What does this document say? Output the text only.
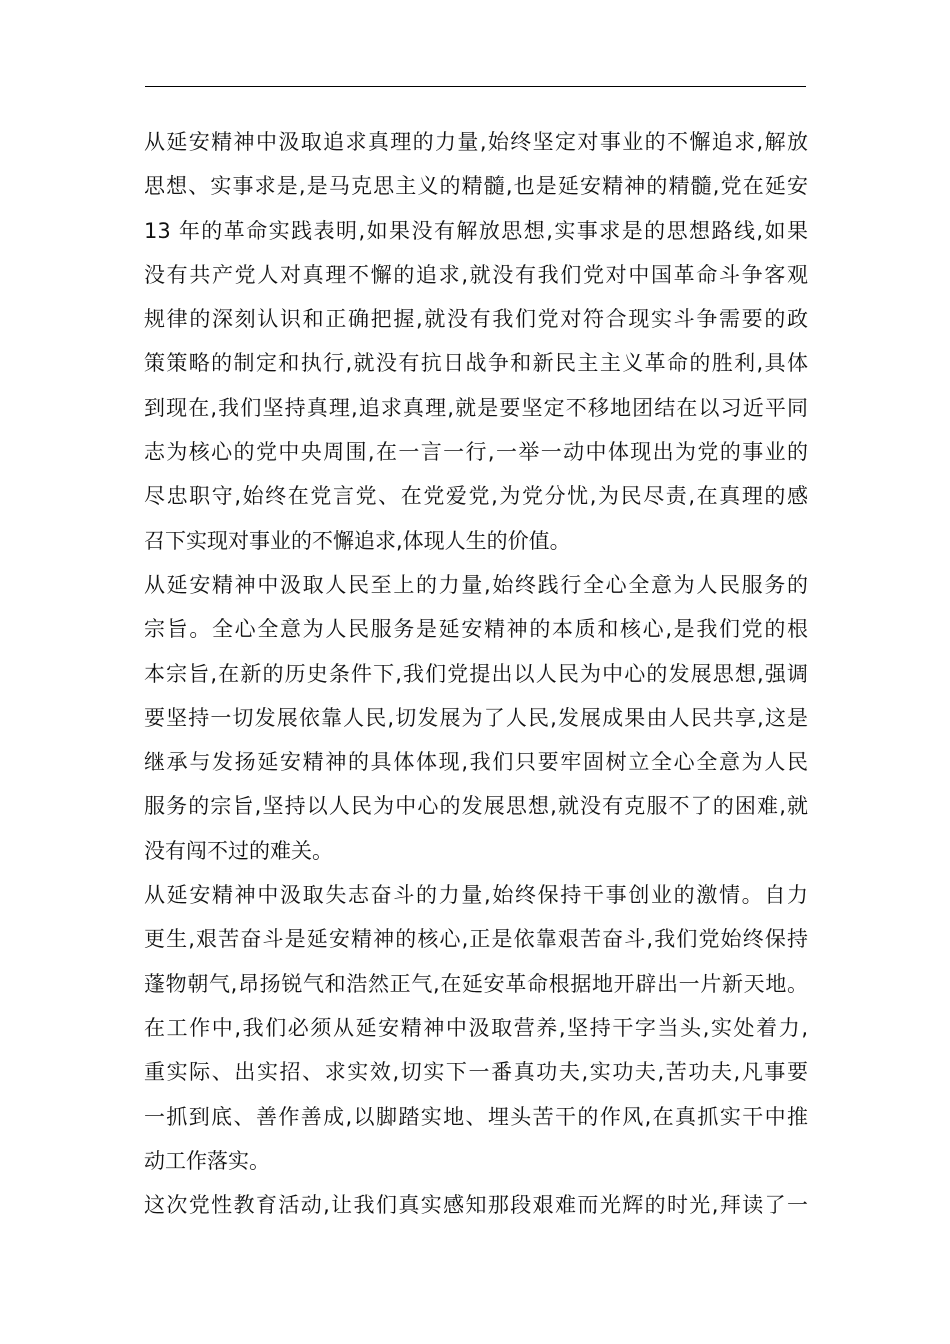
从延安精神中汲取追求真理的力量,始终坚定对事业的不懈追求,解放
思想、实事求是,是马克思主义的精髓,也是延安精神的精髓,党在延安
13 年的革命实践表明,如果没有解放思想,实事求是的思想路线,如果
没有共产党人对真理不懈的追求,就没有我们党对中国革命斗争客观
规律的深刻认识和正确把握,就没有我们党对符合现实斗争需要的政
策策略的制定和执行,就没有抗日战争和新民主主义革命的胜利,具体
到现在,我们坚持真理,追求真理,就是要坚定不移地团结在以习近平同
志为核心的党中央周围,在一言一行,一举一动中体现出为党的事业的
尽忠职守,始终在党言党、在党爱党,为党分忧,为民尽责,在真理的感
召下实现对事业的不懈追求,体现人生的价值。
从延安精神中汲取人民至上的力量,始终践行全心全意为人民服务的
宗旨。全心全意为人民服务是延安精神的本质和核心,是我们党的根
本宗旨,在新的历史条件下,我们党提出以人民为中心的发展思想,强调
要坚持一切发展依靠人民,切发展为了人民,发展成果由人民共享,这是
继承与发扬延安精神的具体体现,我们只要牢固树立全心全意为人民
服务的宗旨,坚持以人民为中心的发展思想,就没有克服不了的困难,就
没有闯不过的难关。
从延安精神中汲取失志奋斗的力量,始终保持干事创业的激情。自力
更生,艰苦奋斗是延安精神的核心,正是依靠艰苦奋斗,我们党始终保持
蓬物朝气,昂扬锐气和浩然正气,在延安革命根据地开辟出一片新天地。
在工作中,我们必须从延安精神中汲取营养,坚持干字当头,实处着力,
重实际、出实招、求实效,切实下一番真功夫,实功夫,苦功夫,凡事要
一抓到底、善作善成,以脚踏实地、埋头苦干的作风,在真抓实干中推
动工作落实。
这次党性教育活动,让我们真实感知那段艰难而光辉的时光,拜读了一
